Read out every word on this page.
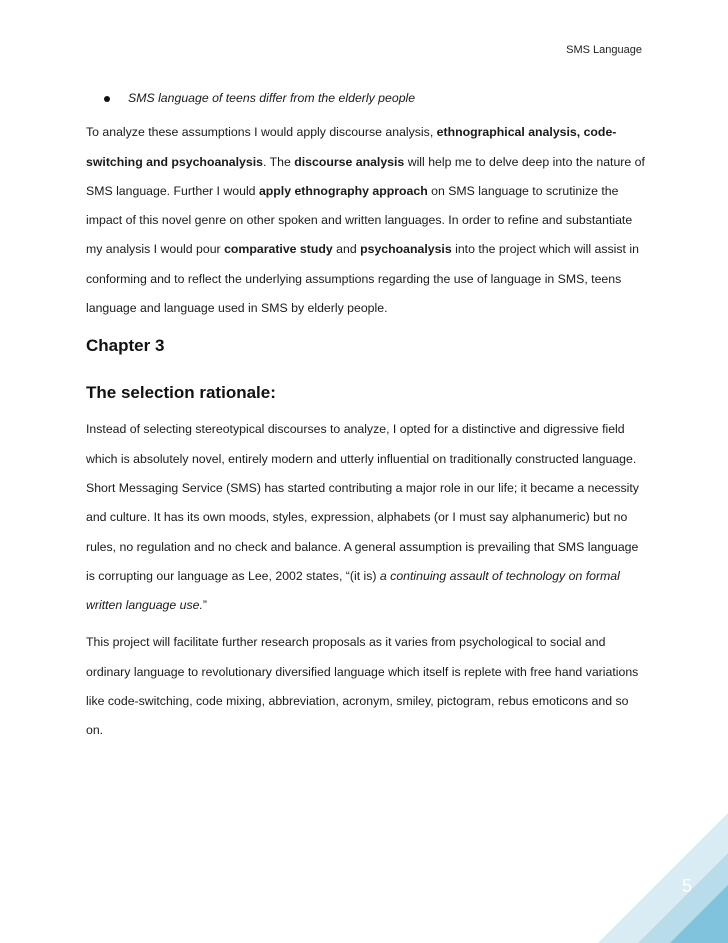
SMS Language
SMS language of teens differ from the elderly people

To analyze these assumptions I would apply discourse analysis, ethnographical analysis, code-switching and psychoanalysis. The discourse analysis will help me to delve deep into the nature of SMS language. Further I would apply ethnography approach on SMS language to scrutinize the impact of this novel genre on other spoken and written languages. In order to refine and substantiate my analysis I would pour comparative study and psychoanalysis into the project which will assist in conforming and to reflect the underlying assumptions regarding the use of language in SMS, teens language and language used in SMS by elderly people.

Chapter 3
The selection rationale:

Instead of selecting stereotypical discourses to analyze, I opted for a distinctive and digressive field which is absolutely novel, entirely modern and utterly influential on traditionally constructed language. Short Messaging Service (SMS) has started contributing a major role in our life; it became a necessity and culture. It has its own moods, styles, expression, alphabets (or I must say alphanumeric) but no rules, no regulation and no check and balance. A general assumption is prevailing that SMS language is corrupting our language as Lee, 2002 states, “(it is) a continuing assault of technology on formal written language use.”

This project will facilitate further research proposals as it varies from psychological to social and ordinary language to revolutionary diversified language which itself is replete with free hand variations like code-switching, code mixing, abbreviation, acronym, smiley, pictogram, rebus emoticons and so on.

5
